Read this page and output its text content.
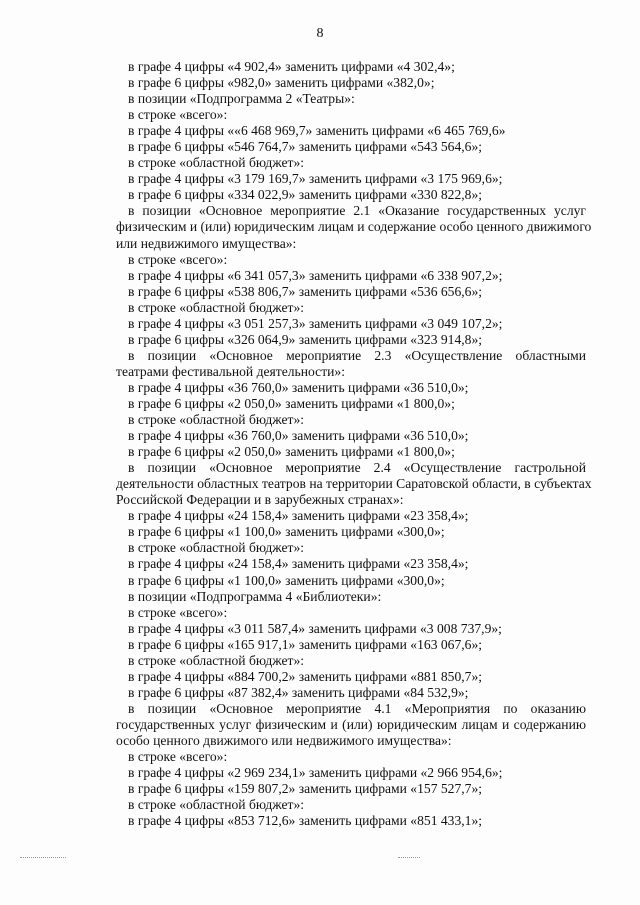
8
в графе 4 цифры «4 902,4» заменить цифрами «4 302,4»;
в графе 6 цифры «982,0» заменить цифрами «382,0»;
в позиции «Подпрограмма 2 «Театры»:
в строке «всего»:
в графе 4 цифры ««6 468 969,7» заменить цифрами «6 465 769,6»
в графе 6 цифры «546 764,7» заменить цифрами «543 564,6»;
в строке «областной бюджет»:
в графе 4 цифры «3 179 169,7» заменить цифрами «3 175 969,6»;
в графе 6 цифры «334 022,9» заменить цифрами «330 822,8»;
в позиции «Основное мероприятие 2.1 «Оказание государственных услуг
физическим и (или) юридическим лицам и содержание особо ценного движимого
или недвижимого имущества»:
в строке «всего»:
в графе 4 цифры «6 341 057,3» заменить цифрами «6 338 907,2»;
в графе 6 цифры «538 806,7» заменить цифрами «536 656,6»;
в строке «областной бюджет»:
в графе 4 цифры «3 051 257,3» заменить цифрами «3 049 107,2»;
в графе 6 цифры «326 064,9» заменить цифрами «323 914,8»;
в позиции «Основное мероприятие 2.3 «Осуществление областными
театрами фестивальной деятельности»:
в графе 4 цифры «36 760,0» заменить цифрами «36 510,0»;
в графе 6 цифры «2 050,0» заменить цифрами «1 800,0»;
в строке «областной бюджет»:
в графе 4 цифры «36 760,0» заменить цифрами «36 510,0»;
в графе 6 цифры «2 050,0» заменить цифрами «1 800,0»;
в позиции «Основное мероприятие 2.4 «Осуществление гастрольной
деятельности областных театров на территории Саратовской области, в субъектах
Российской Федерации и в зарубежных странах»:
в графе 4 цифры «24 158,4» заменить цифрами «23 358,4»;
в графе 6 цифры «1 100,0» заменить цифрами «300,0»;
в строке «областной бюджет»:
в графе 4 цифры «24 158,4» заменить цифрами «23 358,4»;
в графе 6 цифры «1 100,0» заменить цифрами «300,0»;
в позиции «Подпрограмма 4 «Библиотеки»:
в строке «всего»:
в графе 4 цифры «3 011 587,4» заменить цифрами «3 008 737,9»;
в графе 6 цифры «165 917,1» заменить цифрами «163 067,6»;
в строке «областной бюджет»:
в графе 4 цифры «884 700,2» заменить цифрами «881 850,7»;
в графе 6 цифры «87 382,4» заменить цифрами «84 532,9»;
в позиции «Основное мероприятие 4.1 «Мероприятия по оказанию
государственных услуг физическим и (или) юридическим лицам и содержанию
особо ценного движимого или недвижимого имущества»:
в строке «всего»:
в графе 4 цифры «2 969 234,1» заменить цифрами «2 966 954,6»;
в графе 6 цифры «159 807,2» заменить цифрами «157 527,7»;
в строке «областной бюджет»:
в графе 4 цифры «853 712,6» заменить цифрами «851 433,1»;
